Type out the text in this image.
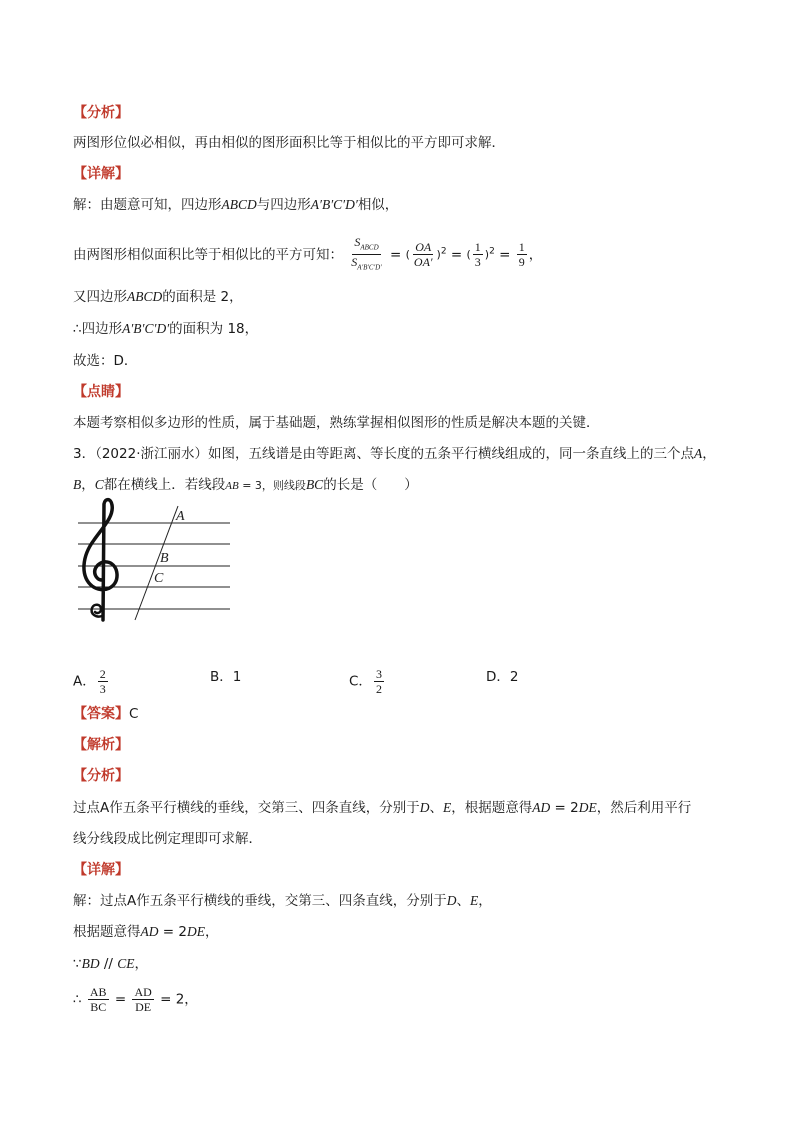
【分析】
两图形位似必相似，再由相似的图形面积比等于相似比的平方即可求解．
【详解】
解：由题意可知，四边形ABCD与四边形A′B′C′D′相似，
由两图形相似面积比等于相似比的平方可知： $\frac{S_{ABCD}}{S_{A'B'C'D'}}$ = ( $\frac{OA}{OA'} )^2$ = ( $\frac{1}{3} )^2 = \frac{1}{9}$ ，
又四边形ABCD的面积是 2，
∴四边形A′B′C′D′的面积为 18，
故选：D．
【点睛】
本题考察相似多边形的性质，属于基础题，熟练掌握相似图形的性质是解决本题的关键．
3．（2022·浙江丽水）如图，五线谱是由等距离、等长度的五条平行横线组成的，同一条直线上的三个点A，
B，C都在横线上．若线段AB = 3，则线段BC的长是（　　）
A
B
C
A． $\frac{2}{3}$	B．1	C． $\frac{3}{2}$	D．2
【答案】C
【解析】
【分析】
过点A作五条平行横线的垂线，交第三、四条直线，分别于D、E，根据题意得AD = 2DE，然后利用平行
线分线段成比例定理即可求解．
【详解】
解：过点A作五条平行横线的垂线，交第三、四条直线，分别于D、E，
根据题意得AD = 2DE，
∵BD // CE，
∴ $\frac{AB}{BC} = \frac{AD}{DE} = 2$，
